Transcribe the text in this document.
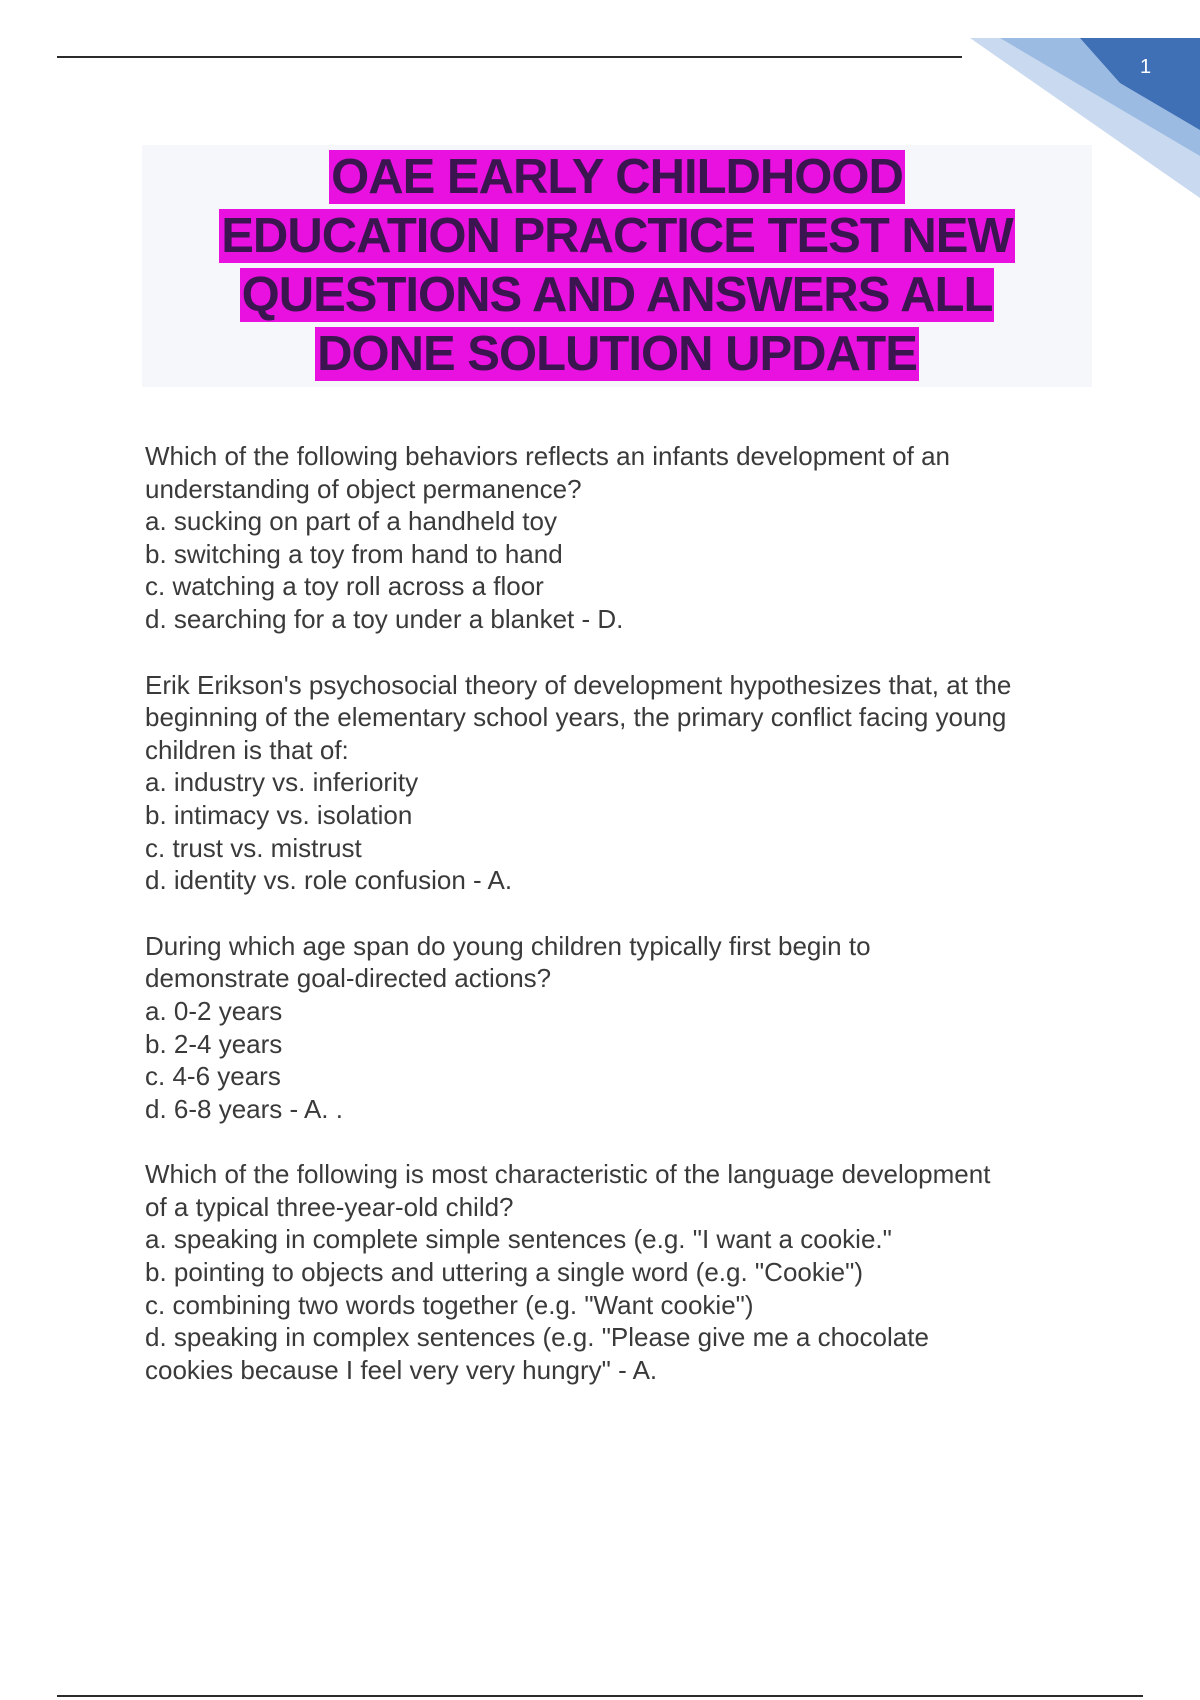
1
OAE EARLY CHILDHOOD
EDUCATION PRACTICE TEST NEW
QUESTIONS AND ANSWERS ALL
DONE SOLUTION UPDATE
Which of the following behaviors reflects an infants development of an
understanding of object permanence?
a. sucking on part of a handheld toy
b. switching a toy from hand to hand
c. watching a toy roll across a floor
d. searching for a toy under a blanket - D.
Erik Erikson's psychosocial theory of development hypothesizes that, at the
beginning of the elementary school years, the primary conflict facing young
children is that of:
a. industry vs. inferiority
b. intimacy vs. isolation
c. trust vs. mistrust
d. identity vs. role confusion - A.
During which age span do young children typically first begin to
demonstrate goal-directed actions?
a. 0-2 years
b. 2-4 years
c. 4-6 years
d. 6-8 years - A. .
Which of the following is most characteristic of the language development
of a typical three-year-old child?
a. speaking in complete simple sentences (e.g. "I want a cookie."
b. pointing to objects and uttering a single word (e.g. "Cookie")
c. combining two words together (e.g. "Want cookie")
d. speaking in complex sentences (e.g. "Please give me a chocolate
cookies because I feel very very hungry" - A.
